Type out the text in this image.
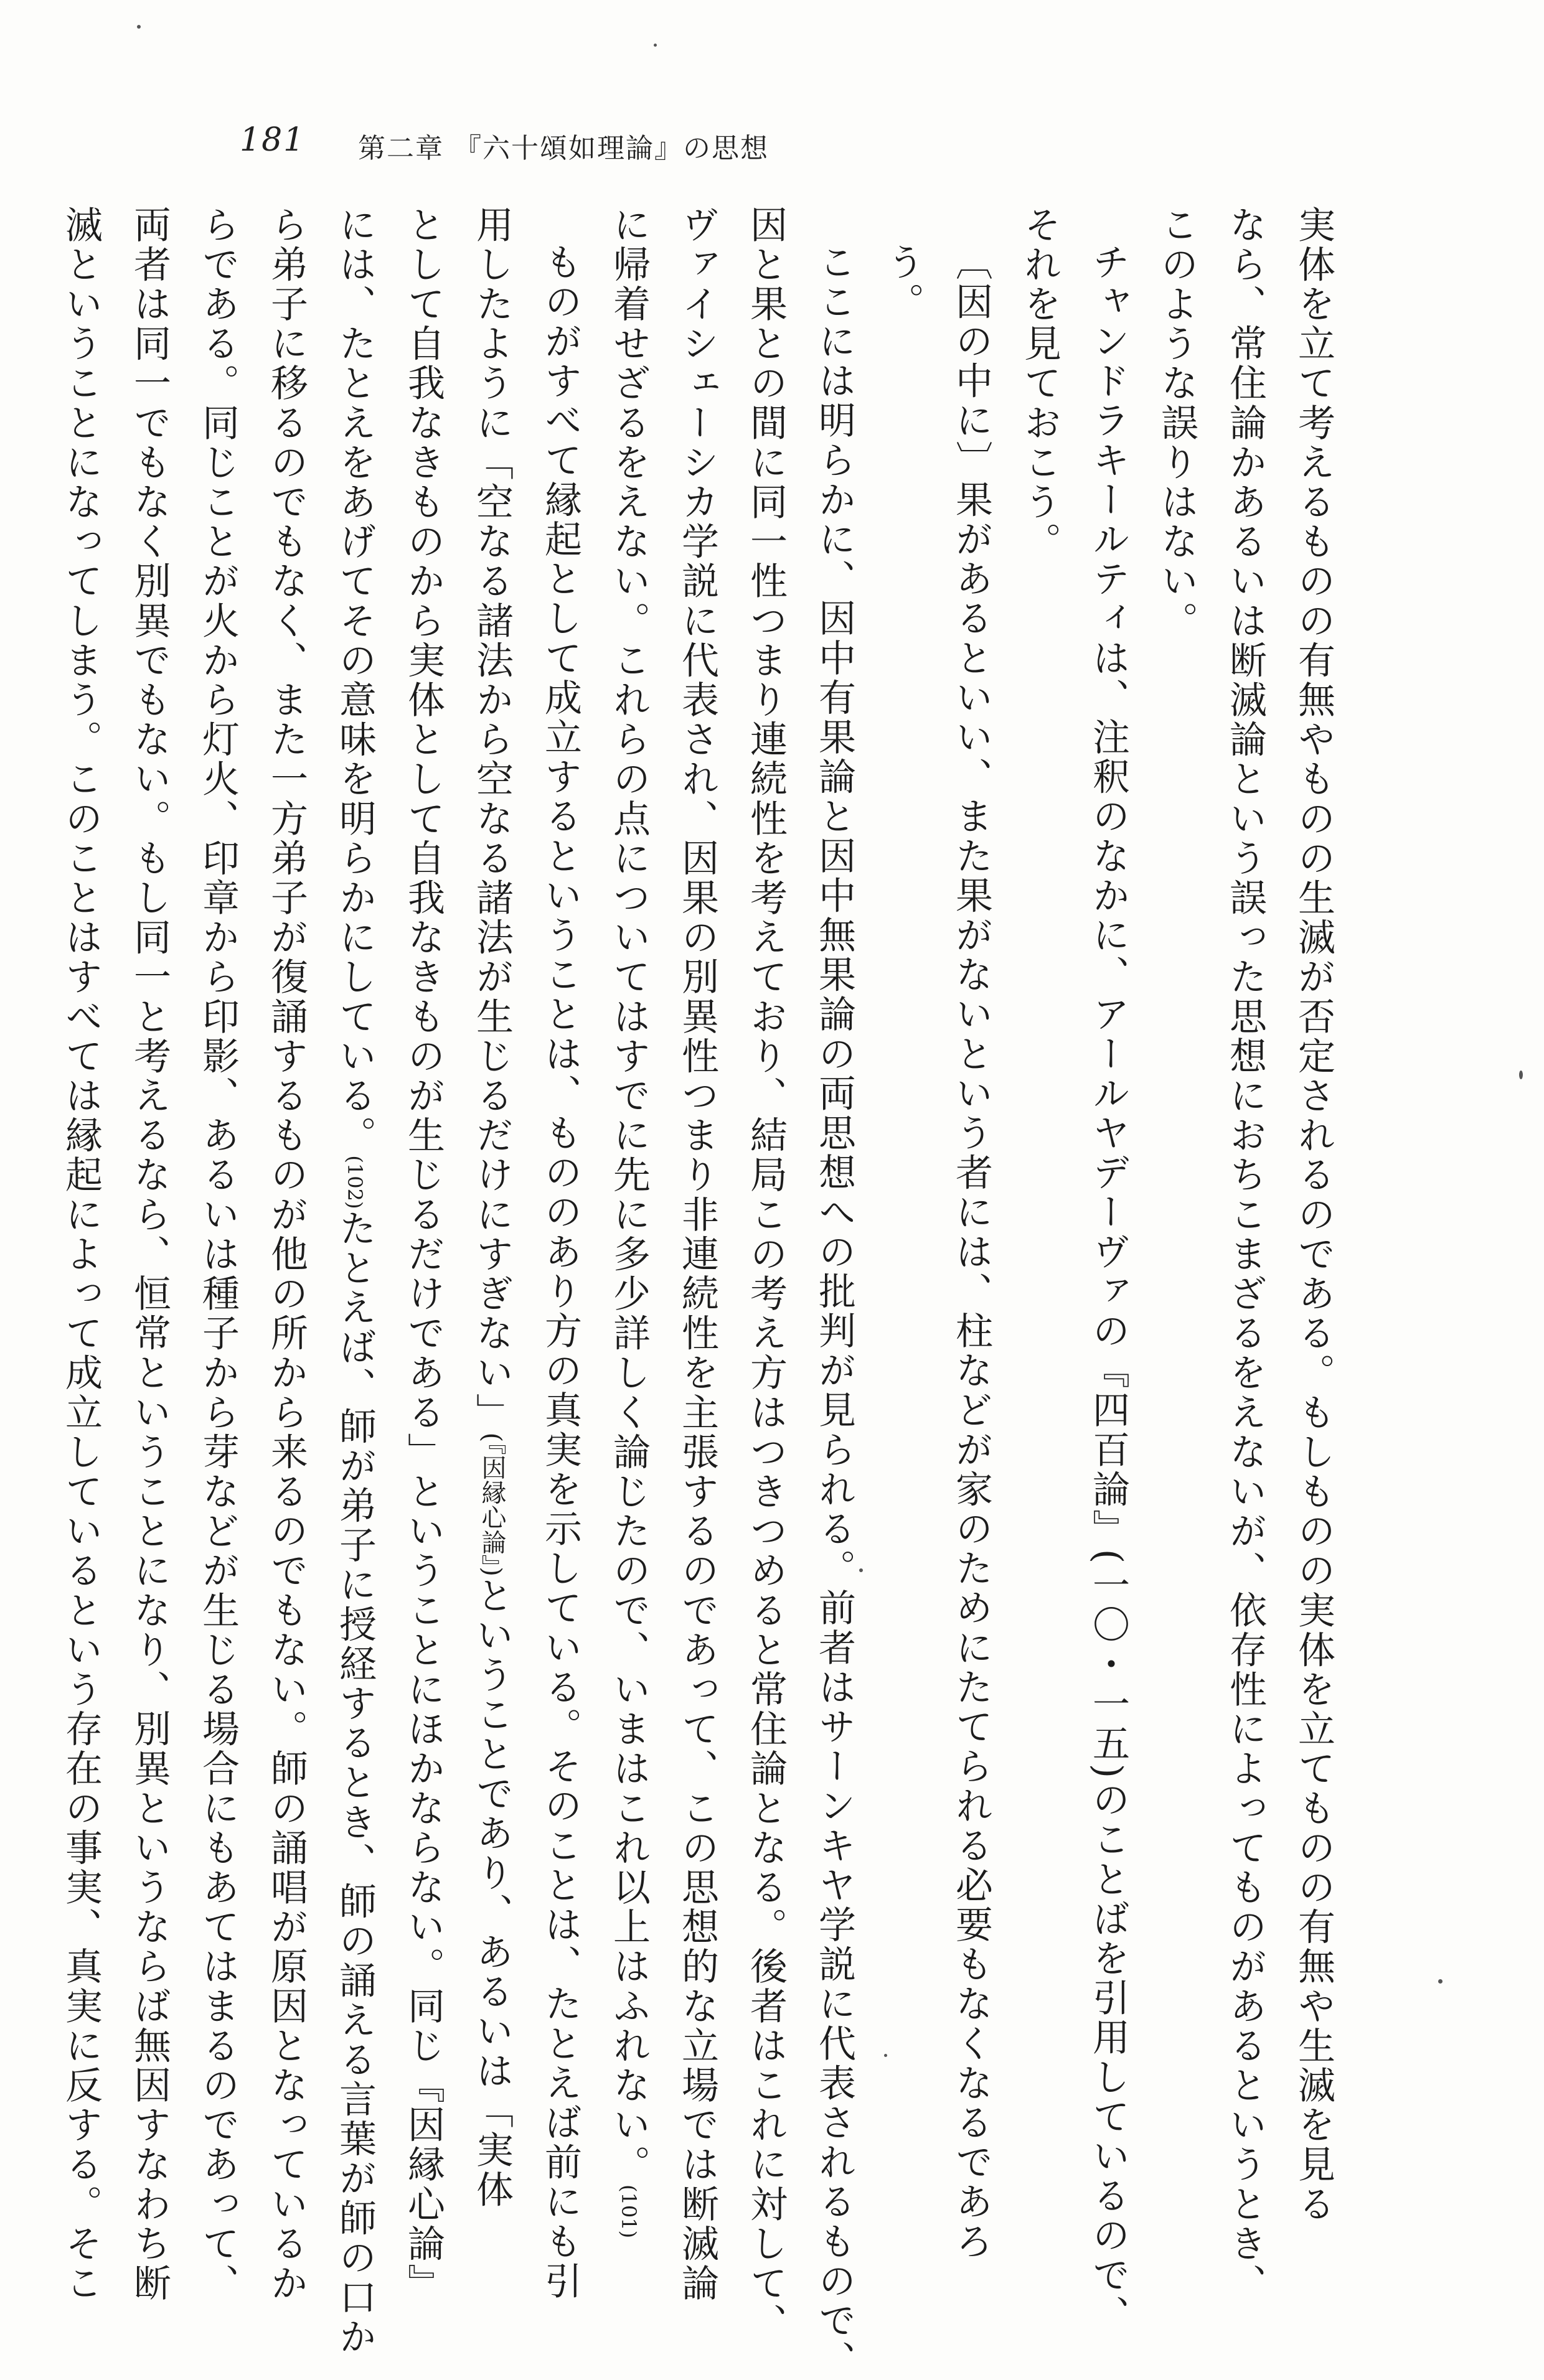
181 第二章 『六十頌如理論』の思想
実体を立て考えるものの有無やものの生滅が否定されるのである。もしものの実体を立てものの有無や生滅を見る
なら、常住論かあるいは断滅論という誤った思想におちこまざるをえないが、依存性によってものがあるというとき、
このような誤りはない。
チャンドラキールティは、注釈のなかに、アールヤデーヴァの『四百論』(一〇・一五)のことばを引用しているので、
それを見ておこう。
〔因の中に〕果があるといい、また果がないという者には、柱などが家のためにたてられる必要もなくなるであろ
う。
ここには明らかに、因中有果論と因中無果論の両思想への批判が見られる。前者はサーンキヤ学説に代表されるもので、
因と果との間に同一性つまり連続性を考えており、結局この考え方はつきつめると常住論となる。後者はこれに対して、
ヴァイシェーシカ学説に代表され、因果の別異性つまり非連続性を主張するのであって、この思想的な立場では断滅論
に帰着せざるをえない。これらの点についてはすでに先に多少詳しく論じたので、いまはこれ以上はふれない。$^{(101)}$
ものがすべて縁起として成立するということは、もののあり方の真実を示している。そのことは、たとえば前にも引
用したように「空なる諸法から空なる諸法が生じるだけにすぎない」(『因縁心論』)ということであり、あるいは「実体
として自我なきものから実体として自我なきものが生じるだけである」ということにほかならない。同じ『因縁心論』
には、たとえをあげてその意味を明らかにしている。$^{(102)}$たとえば、師が弟子に授経するとき、師の誦える言葉が師の口か
ら弟子に移るのでもなく、また一方弟子が復誦するものが他の所から来るのでもない。師の誦唱が原因となっているか
らである。同じことが火から灯火、印章から印影、あるいは種子から芽などが生じる場合にもあてはまるのであって、
両者は同一でもなく別異でもない。もし同一と考えるなら、恒常ということになり、別異というならば無因すなわち断
滅ということになってしまう。このことはすべては縁起によって成立しているという存在の事実、真実に反する。そこ
